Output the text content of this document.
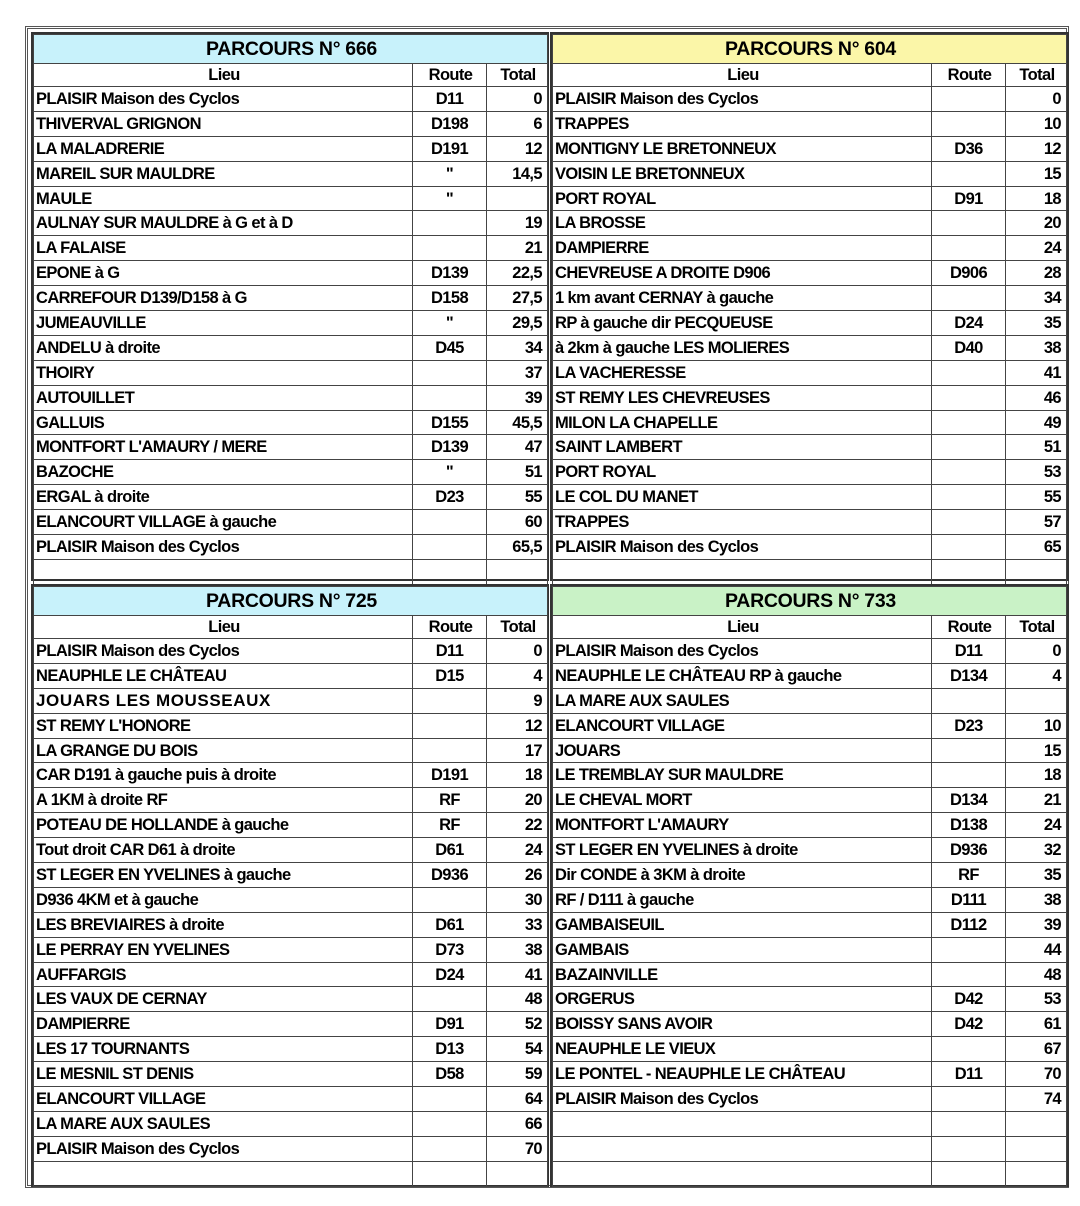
PARCOURS N° 666		
Lieu	Route	Total
PLAISIR Maison des Cyclos	D11	0
THIVERVAL GRIGNON	D198	6
LA MALADRERIE	D191	12
MAREIL SUR MAULDRE	"	14,5
MAULE	"	
AULNAY SUR MAULDRE à G et à D		19
LA FALAISE		21
EPONE à G	D139	22,5
CARREFOUR D139/D158 à G	D158	27,5
JUMEAUVILLE	"	29,5
ANDELU à droite	D45	34
THOIRY		37
AUTOUILLET		39
GALLUIS	D155	45,5
MONTFORT L'AMAURY / MERE	D139	47
BAZOCHE	"	51
ERGAL à droite	D23	55
ELANCOURT VILLAGE à gauche		60
PLAISIR Maison des Cyclos		65,5

PARCOURS N° 604		
Lieu	Route	Total
PLAISIR Maison des Cyclos		0
TRAPPES		10
MONTIGNY LE BRETONNEUX	D36	12
VOISIN LE BRETONNEUX		15
PORT ROYAL	D91	18
LA BROSSE		20
DAMPIERRE		24
CHEVREUSE A DROITE D906	D906	28
1 km avant CERNAY à gauche		34
RP à gauche dir PECQUEUSE	D24	35
à 2km à gauche LES MOLIERES	D40	38
LA VACHERESSE		41
ST REMY LES CHEVREUSES		46
MILON LA CHAPELLE		49
SAINT LAMBERT		51
PORT ROYAL		53
LE COL DU MANET		55
TRAPPES		57
PLAISIR Maison des Cyclos		65

PARCOURS N° 725		
Lieu	Route	Total
PLAISIR Maison des Cyclos	D11	0
NEAUPHLE LE CHÂTEAU	D15	4
JOUARS LES MOUSSEAUX		9
ST REMY L'HONORE		12
LA GRANGE DU BOIS		17
CAR D191 à gauche puis à droite	D191	18
A 1KM à droite RF	RF	20
POTEAU DE HOLLANDE à gauche	RF	22
Tout droit CAR D61 à droite	D61	24
ST LEGER EN YVELINES à gauche	D936	26
D936 4KM et à gauche		30
LES BREVIAIRES à droite	D61	33
LE PERRAY EN YVELINES	D73	38
AUFFARGIS	D24	41
LES VAUX DE CERNAY		48
DAMPIERRE	D91	52
LES 17 TOURNANTS	D13	54
LE MESNIL ST DENIS	D58	59
ELANCOURT VILLAGE		64
LA MARE AUX SAULES		66
PLAISIR Maison des Cyclos		70

PARCOURS N° 733		
Lieu	Route	Total
PLAISIR Maison des Cyclos	D11	0
NEAUPHLE LE CHÂTEAU RP à gauche	D134	4
LA MARE AUX SAULES		
ELANCOURT VILLAGE	D23	10
JOUARS		15
LE TREMBLAY SUR MAULDRE		18
LE CHEVAL MORT	D134	21
MONTFORT L'AMAURY	D138	24
ST LEGER EN YVELINES à droite	D936	32
Dir CONDE à 3KM à droite	RF	35
RF / D111 à gauche	D111	38
GAMBAISEUIL	D112	39
GAMBAIS		44
BAZAINVILLE		48
ORGERUS	D42	53
BOISSY SANS AVOIR	D42	61
NEAUPHLE LE VIEUX		67
LE PONTEL - NEAUPHLE LE CHÂTEAU	D11	70
PLAISIR Maison des Cyclos		74
